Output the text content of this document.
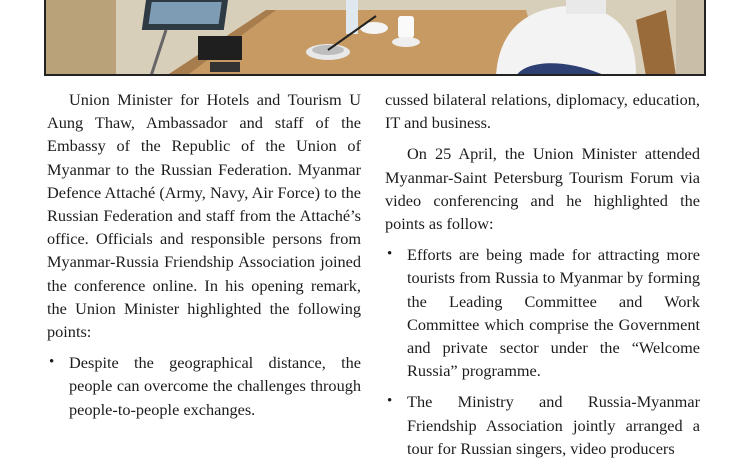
Union Minister for Hotels and Tourism U Aung Thaw, Ambassador and staff of the Embassy of the Republic of the Union of Myanmar to the Russian Federation. Myanmar Defence Attaché (Army, Navy, Air Force) to the Russian Federation and staff from the Attaché’s office. Officials and responsible persons from Myanmar-Russia Friendship Association joined the conference online. In his opening remark, the Union Minister highlighted the following points:

• Despite the geographical distance, the people can overcome the challenges through people-to-people exchanges.

cussed bilateral relations, diplomacy, education, IT and business.

On 25 April, the Union Minister attended Myanmar-Saint Petersburg Tourism Forum via video conferencing and he highlighted the points as follow:

• Efforts are being made for attracting more tourists from Russia to Myanmar by forming the Leading Committee and Work Committee which comprise the Government and private sector under the “Welcome Russia” programme.
• The Ministry and Russia-Myanmar Friendship Association jointly arranged a tour for Russian singers, video producers
